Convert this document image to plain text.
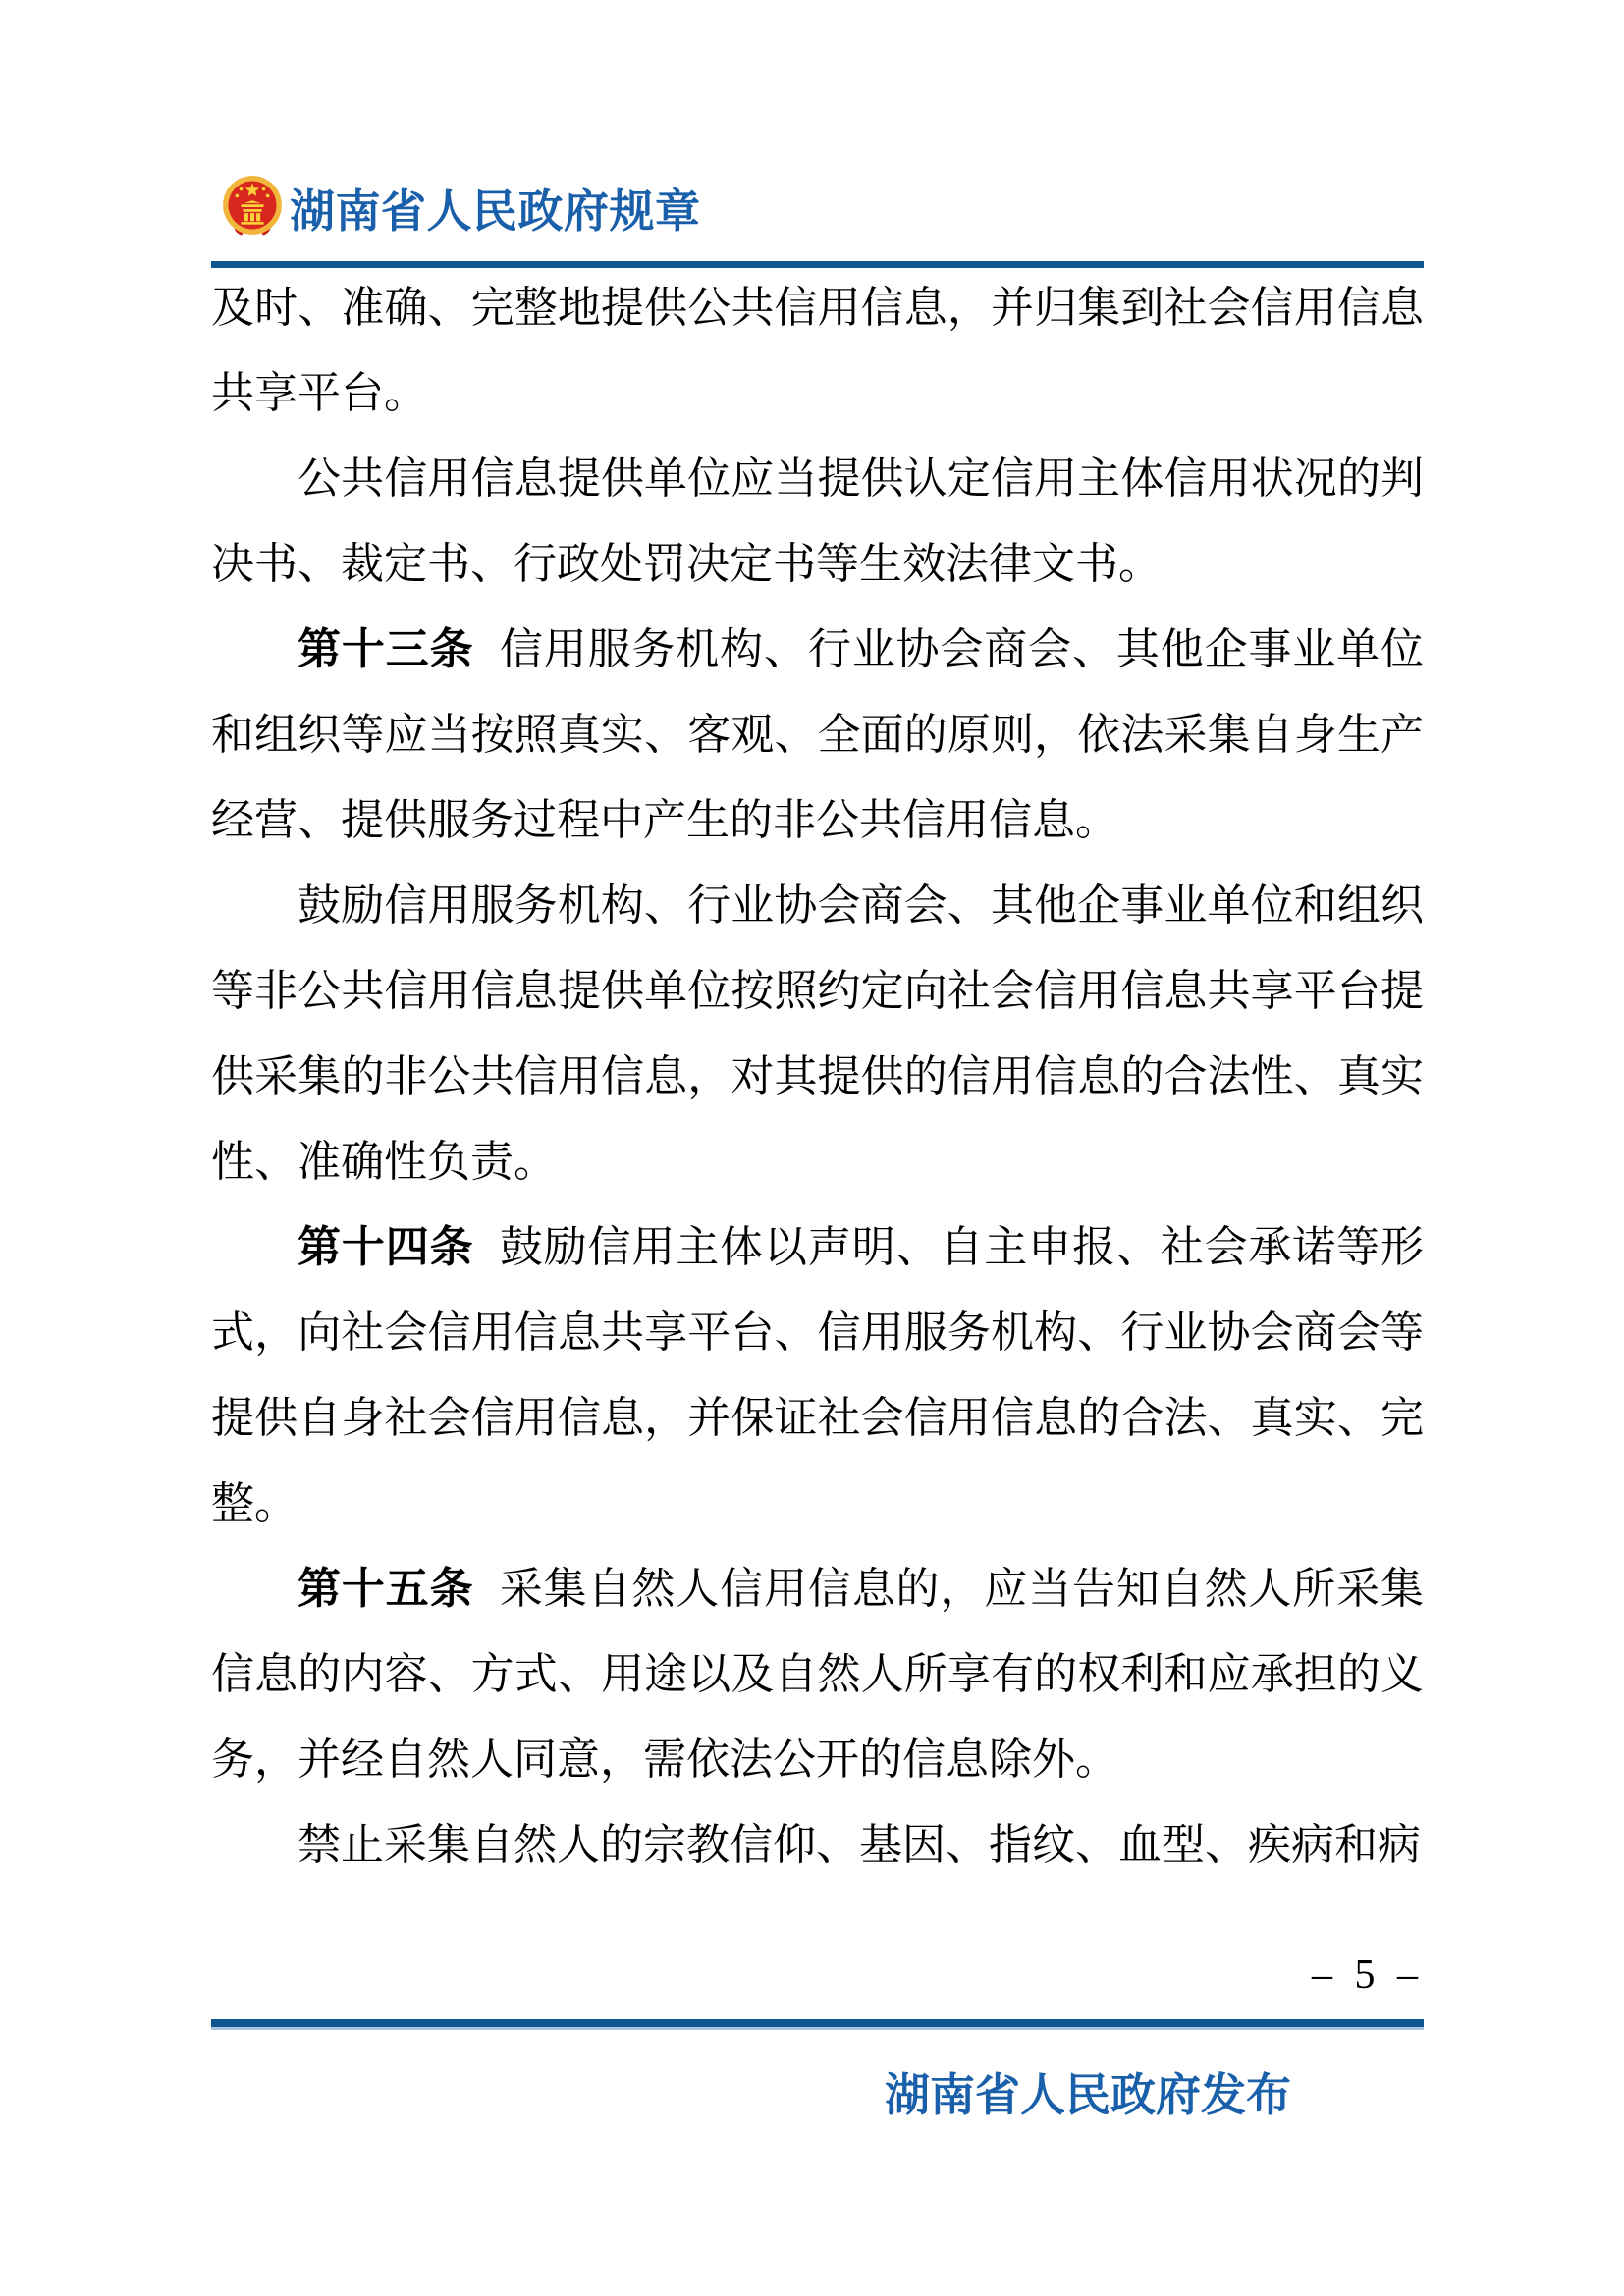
湖南省人民政府规章

及时、准确、完整地提供公共信用信息，并归集到社会信用信息共享平台。

公共信用信息提供单位应当提供认定信用主体信用状况的判决书、裁定书、行政处罚决定书等生效法律文书。

第十三条 信用服务机构、行业协会商会、其他企事业单位和组织等应当按照真实、客观、全面的原则，依法采集自身生产经营、提供服务过程中产生的非公共信用信息。

鼓励信用服务机构、行业协会商会、其他企事业单位和组织等非公共信用信息提供单位按照约定向社会信用信息共享平台提供采集的非公共信用信息，对其提供的信用信息的合法性、真实性、准确性负责。

第十四条 鼓励信用主体以声明、自主申报、社会承诺等形式，向社会信用信息共享平台、信用服务机构、行业协会商会等提供自身社会信用信息，并保证社会信用信息的合法、真实、完整。

第十五条 采集自然人信用信息的，应当告知自然人所采集信息的内容、方式、用途以及自然人所享有的权利和应承担的义务，并经自然人同意，需依法公开的信息除外。

禁止采集自然人的宗教信仰、基因、指纹、血型、疾病和病

– 5 –
湖南省人民政府发布
